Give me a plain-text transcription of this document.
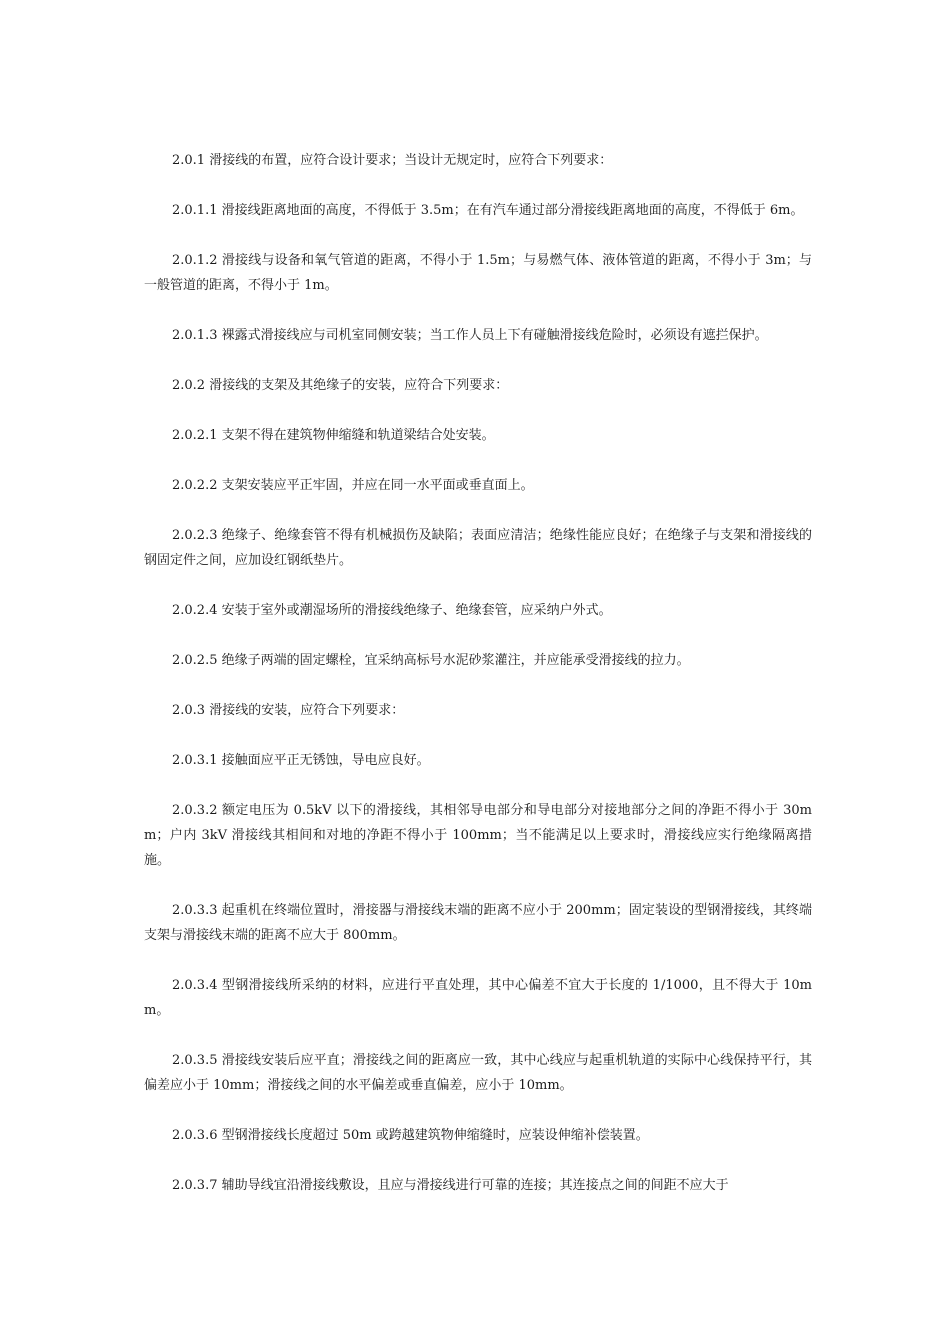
2.0.1 滑接线的布置，应符合设计要求；当设计无规定时，应符合下列要求：

2.0.1.1 滑接线距离地面的高度，不得低于 3.5m；在有汽车通过部分滑接线距离地面的高度，不得低于 6m。

2.0.1.2 滑接线与设备和氧气管道的距离，不得小于 1.5m；与易燃气体、液体管道的距离，不得小于 3m；与一般管道的距离，不得小于 1m。

2.0.1.3 裸露式滑接线应与司机室同侧安装；当工作人员上下有碰触滑接线危险时，必须设有遮拦保护。

2.0.2 滑接线的支架及其绝缘子的安装，应符合下列要求：

2.0.2.1 支架不得在建筑物伸缩缝和轨道梁结合处安装。

2.0.2.2 支架安装应平正牢固，并应在同一水平面或垂直面上。

2.0.2.3 绝缘子、绝缘套管不得有机械损伤及缺陷；表面应清洁；绝缘性能应良好；在绝缘子与支架和滑接线的钢固定件之间，应加设红钢纸垫片。

2.0.2.4 安装于室外或潮湿场所的滑接线绝缘子、绝缘套管，应采纳户外式。

2.0.2.5 绝缘子两端的固定螺栓，宜采纳高标号水泥砂浆灌注，并应能承受滑接线的拉力。

2.0.3 滑接线的安装，应符合下列要求：

2.0.3.1 接触面应平正无锈蚀，导电应良好。

2.0.3.2 额定电压为 0.5kV 以下的滑接线，其相邻导电部分和导电部分对接地部分之间的净距不得小于 30mm；户内 3kV 滑接线其相间和对地的净距不得小于 100mm；当不能满足以上要求时，滑接线应实行绝缘隔离措施。

2.0.3.3 起重机在终端位置时，滑接器与滑接线末端的距离不应小于 200mm；固定装设的型钢滑接线，其终端支架与滑接线末端的距离不应大于 800mm。

2.0.3.4 型钢滑接线所采纳的材料，应进行平直处理，其中心偏差不宜大于长度的 1/1000，且不得大于 10mm。

2.0.3.5 滑接线安装后应平直；滑接线之间的距离应一致，其中心线应与起重机轨道的实际中心线保持平行，其偏差应小于 10mm；滑接线之间的水平偏差或垂直偏差，应小于 10mm。

2.0.3.6 型钢滑接线长度超过 50m 或跨越建筑物伸缩缝时，应装设伸缩补偿装置。

2.0.3.7 辅助导线宜沿滑接线敷设，且应与滑接线进行可靠的连接；其连接点之间的间距不应大于
